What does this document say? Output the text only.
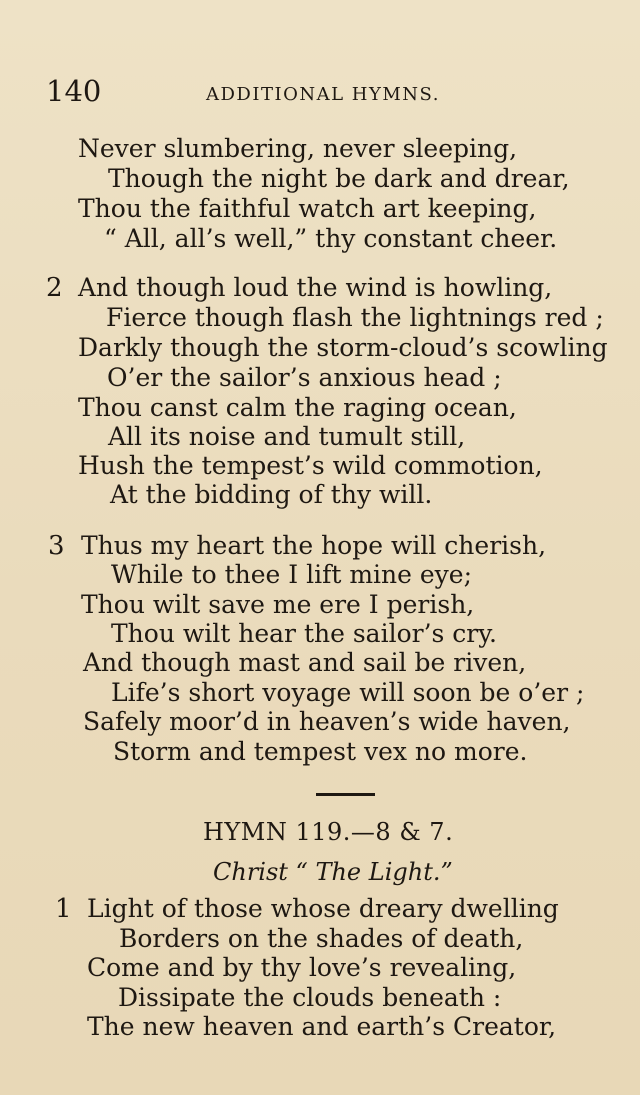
140	ADDITIONAL HYMNS.
Never slumbering, never sleeping,
Though the night be dark and drear,
Thou the faithful watch art keeping,
“ All, all’s well,” thy constant cheer.
2 And though loud the wind is howling,
Fierce though flash the lightnings red ;
Darkly though the storm-cloud’s scowling
O’er the sailor’s anxious head ;
Thou canst calm the raging ocean,
All its noise and tumult still,
Hush the tempest’s wild commotion,
At the bidding of thy will.
3 Thus my heart the hope will cherish,
While to thee I lift mine eye;
Thou wilt save me ere I perish,
Thou wilt hear the sailor’s cry.
And though mast and sail be riven,
Life’s short voyage will soon be o’er ;
Safely moor’d in heaven’s wide haven,
Storm and tempest vex no more.
HYMN 119.—8 & 7.
Christ “ The Light.”
1 Light of those whose dreary dwelling
Borders on the shades of death,
Come and by thy love’s revealing,
Dissipate the clouds beneath :
The new heaven and earth’s Creator,
